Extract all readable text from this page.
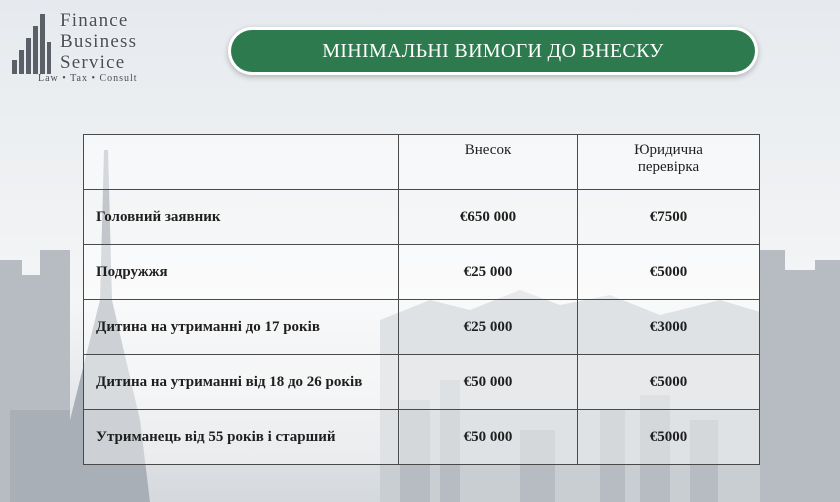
Finance
Business
Service
Law • Tax • Consult
МІНІМАЛЬНІ ВИМОГИ ДО ВНЕСКУ
	Внесок	Юридична перевірка
Головний заявник	€650 000	€7500
Подружжя	€25 000	€5000
Дитина на утриманні до 17 років	€25 000	€3000
Дитина на утриманні від 18 до 26 років	€50 000	€5000
Утриманець від 55 років і старший	€50 000	€5000
